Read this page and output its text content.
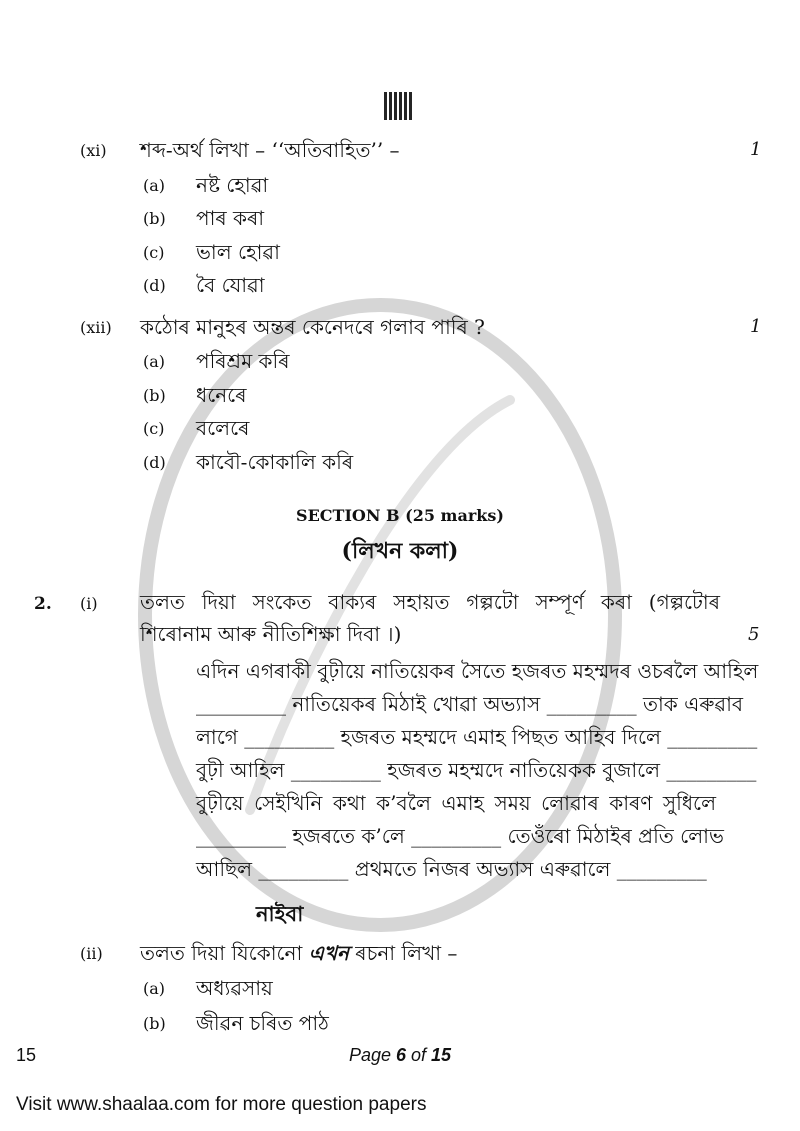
(xi) শব্দ-অৰ্থ লিখা – ‘‘অতিবাহিত’’ –	1
(a) নষ্ট হোৱা
(b) পাৰ কৰা
(c) ভাল হোৱা
(d) বৈ যোৱা
(xii) কঠোৰ মানুহৰ অন্তৰ কেনেদৰে গলাব পাৰি ?	1
(a) পৰিশ্ৰম কৰি
(b) ধনেৰে
(c) বলেৰে
(d) কাবৌ-কোকালি কৰি
SECTION B (25 marks)
(লিখন কলা)
2. (i) তলত দিয়া সংকেত বাক্যৰ সহায়ত গল্পটো সম্পূৰ্ণ কৰা (গল্পটোৰ
শিৰোনাম আৰু নীতিশিক্ষা দিবা ।)	5
এদিন এগৰাকী বুঢ়ীয়ে নাতিয়েকৰ সৈতে হজৰত মহম্মদৰ ওচৰলৈ আহিল
_________ নাতিয়েকৰ মিঠাই খোৱা অভ্যাস _________ তাক এৰুৱাব
লাগে _________ হজৰত মহম্মদে এমাহ পিছত আহিব দিলে _________
বুঢ়ী আহিল _________ হজৰত মহম্মদে নাতিয়েকক বুজালে _________
বুঢ়ীয়ে সেইখিনি কথা ক’বলৈ এমাহ সময় লোৱাৰ কাৰণ সুধিলে
_________ হজৰতে ক’লে _________ তেওঁৰো মিঠাইৰ প্ৰতি লোভ
আছিল _________ প্ৰথমতে নিজৰ অভ্যাস এৰুৱালে _________
নাইবা
(ii) তলত দিয়া যিকোনো এখন ৰচনা লিখা –
(a) অধ্যৱসায়
(b) জীৱন চৰিত পাঠ
15	Page 6 of 15
Visit www.shaalaa.com for more question papers
